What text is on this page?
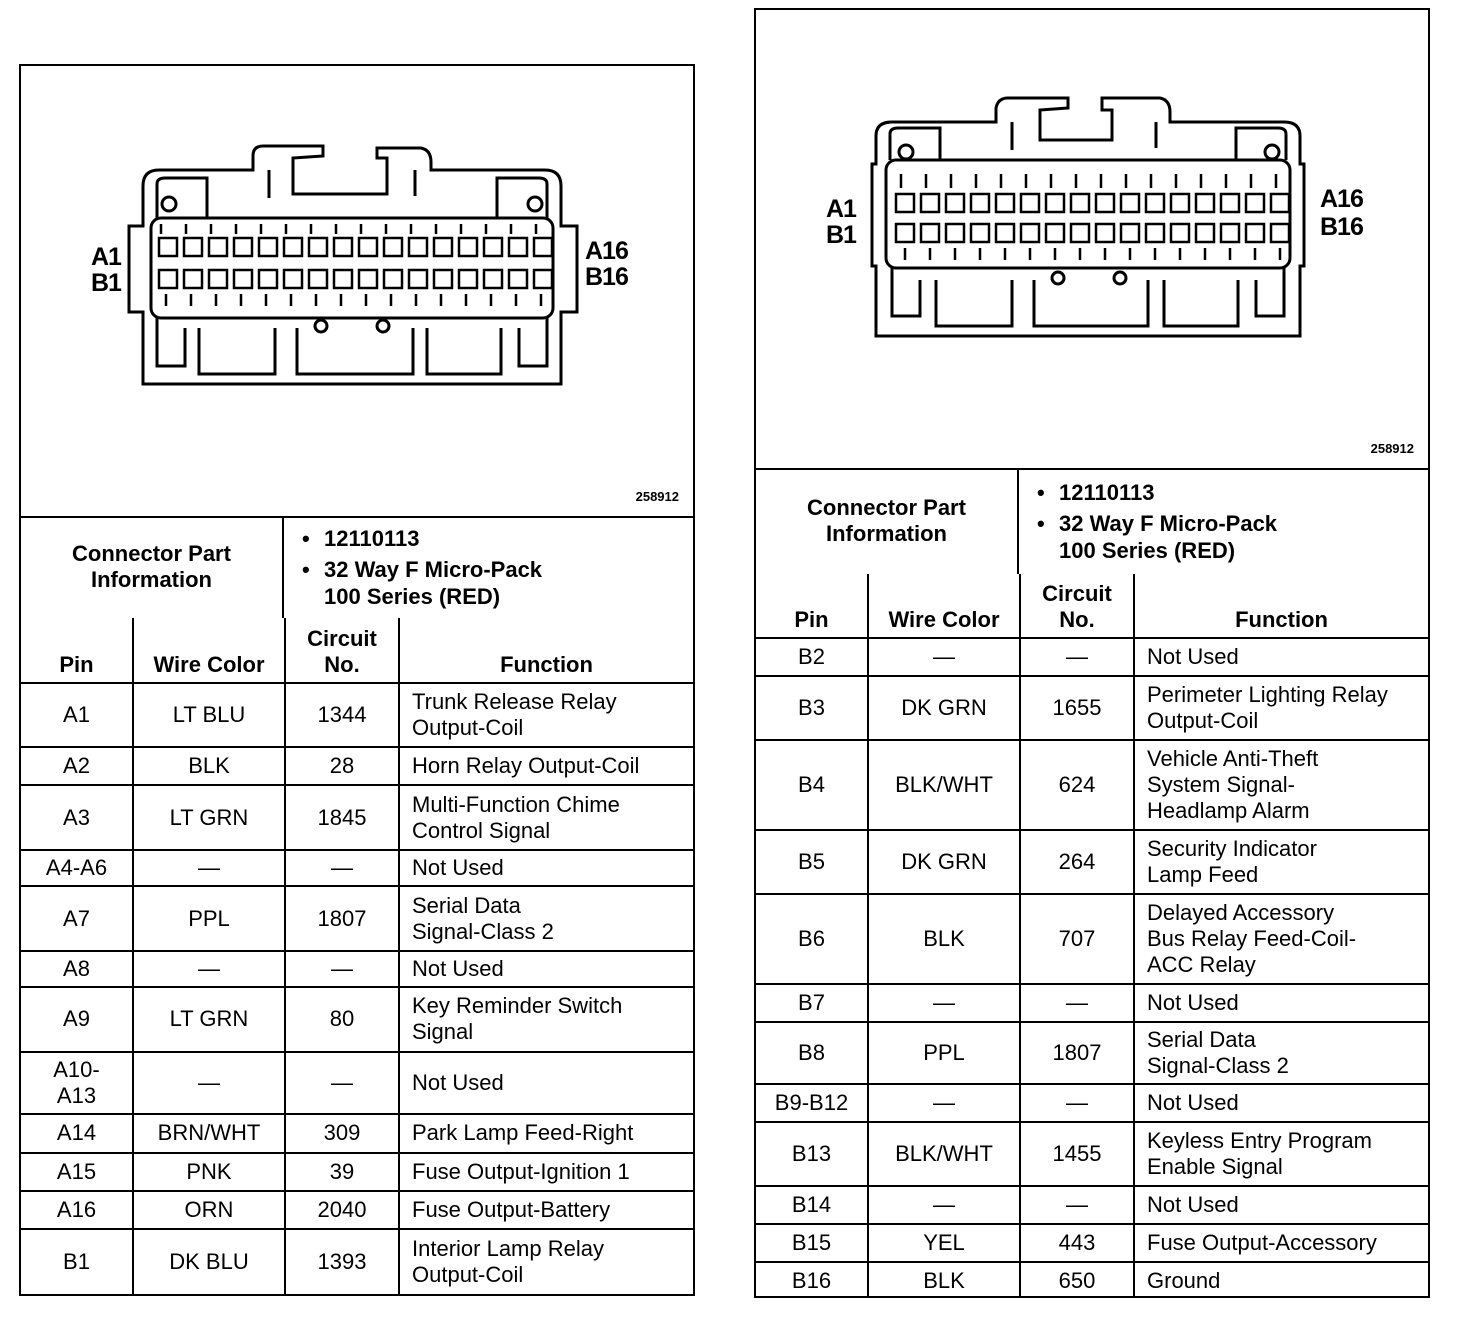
A1
B1
A16
B16
258912
Connector Part Information	
• 12110113
• 32 Way F Micro-Pack
100 Series (RED)
Pin	Wire Color	Circuit No.	Function
A1	LT BLU	1344	Trunk Release Relay
Output-Coil
A2	BLK	28	Horn Relay Output-Coil
A3	LT GRN	1845	Multi-Function Chime
Control Signal
A4-A6	—	—	Not Used
A7	PPL	1807	Serial Data
Signal-Class 2
A8	—	—	Not Used
A9	LT GRN	80	Key Reminder Switch
Signal
A10-A13	—	—	Not Used
A14	BRN/WHT	309	Park Lamp Feed-Right
A15	PNK	39	Fuse Output-Ignition 1
A16	ORN	2040	Fuse Output-Battery
B1	DK BLU	1393	Interior Lamp Relay
Output-Coil
A1
B1
A16
B16
258912
Connector Part Information	
• 12110113
• 32 Way F Micro-Pack
100 Series (RED)
Pin	Wire Color	Circuit No.	Function
B2	—	—	Not Used
B3	DK GRN	1655	Perimeter Lighting Relay
Output-Coil
B4	BLK/WHT	624	Vehicle Anti-Theft
System Signal-
Headlamp Alarm
B5	DK GRN	264	Security Indicator
Lamp Feed
B6	BLK	707	Delayed Accessory
Bus Relay Feed-Coil-
ACC Relay
B7	—	—	Not Used
B8	PPL	1807	Serial Data
Signal-Class 2
B9-B12	—	—	Not Used
B13	BLK/WHT	1455	Keyless Entry Program
Enable Signal
B14	—	—	Not Used
B15	YEL	443	Fuse Output-Accessory
B16	BLK	650	Ground
